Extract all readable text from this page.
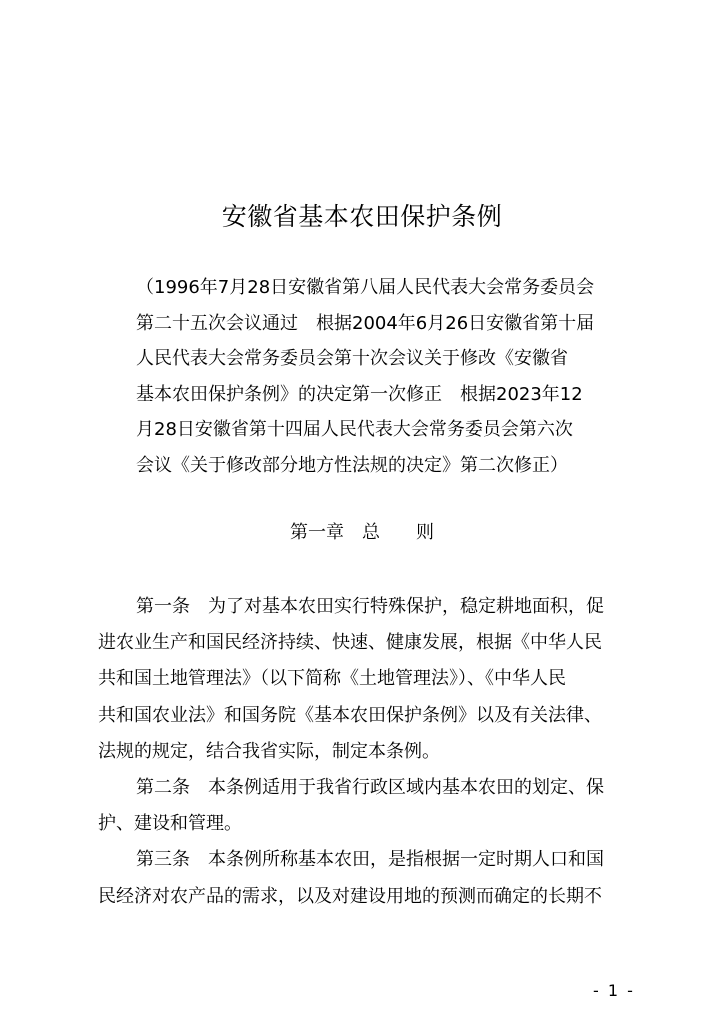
安徽省基本农田保护条例
（1996年7月28日安徽省第八届人民代表大会常务委员会
第二十五次会议通过　根据2004年6月26日安徽省第十届
人民代表大会常务委员会第十次会议关于修改《安徽省
基本农田保护条例》的决定第一次修正　根据2023年12
月28日安徽省第十四届人民代表大会常务委员会第六次
会议《关于修改部分地方性法规的决定》第二次修正）
第一章　总　　则
第一条　为了对基本农田实行特殊保护，稳定耕地面积，促
进农业生产和国民经济持续、快速、健康发展，根据《中华人民
共和国土地管理法》（以下简称《土地管理法》）、《中华人民
共和国农业法》和国务院《基本农田保护条例》以及有关法律、
法规的规定，结合我省实际，制定本条例。
第二条　本条例适用于我省行政区域内基本农田的划定、保
护、建设和管理。
第三条　本条例所称基本农田，是指根据一定时期人口和国
民经济对农产品的需求，以及对建设用地的预测而确定的长期不
- 1 -
